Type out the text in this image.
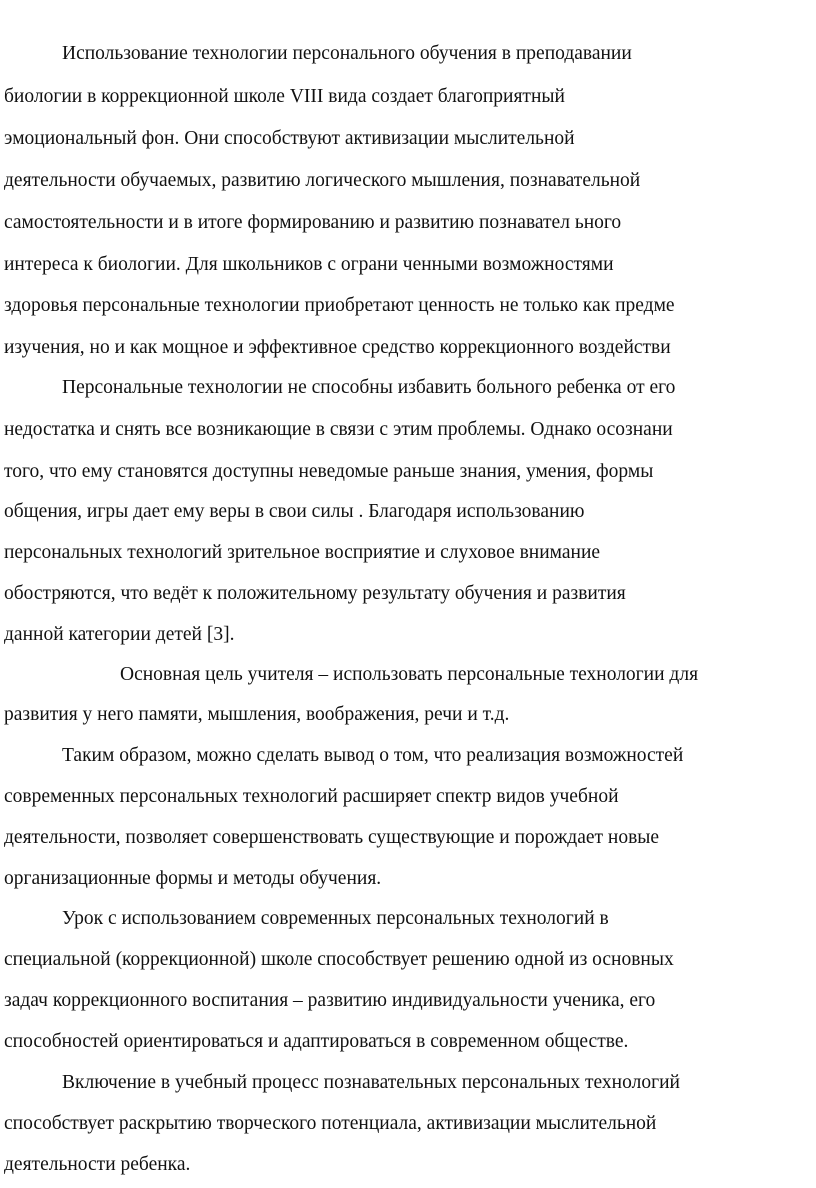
Использование технологии персонального обучения в преподавании
биологии в коррекционной школе VIII вида создает благоприятный
эмоциональный фон. Они способствуют активизации мыслительной
деятельности обучаемых, развитию логического мышления, познавательной
самостоятельности и в итоге формированию и развитию познавател ьного
интереса к биологии. Для школьников с ограни ченными возможностями
здоровья персональные технологии приобретают ценность не только как предме
изучения, но и как мощное и эффективное средство коррекционного воздействи
Персональные технологии не способны избавить больного ребенка от его
недостатка и снять все возникающие в связи с этим проблемы. Однако осознани
того, что ему становятся доступны неведомые раньше знания, умения, формы
общения, игры дает ему веры в свои силы . Благодаря использованию
персональных технологий зрительное восприятие и слуховое внимание
обостряются, что ведёт к положительному результату обучения и развития
данной категории детей [3].
Основная цель учителя – использовать персональные технологии для
развития у него памяти, мышления, воображения, речи и т.д.
Таким образом, можно сделать вывод о том, что реализация возможностей
современных персональных технологий расширяет спектр видов учебной
деятельности, позволяет совершенствовать существующие и порождает новые
организационные формы и методы обучения.
Урок с использованием современных персональных технологий в
специальной (коррекционной) школе способствует решению одной из основных
задач коррекционного воспитания – развитию индивидуальности ученика, его
способностей ориентироваться и адаптироваться в современном обществе.
Включение в учебный процесс познавательных персональных технологий
способствует раскрытию творческого потенциала, активизации мыслительной
деятельности ребенка.
